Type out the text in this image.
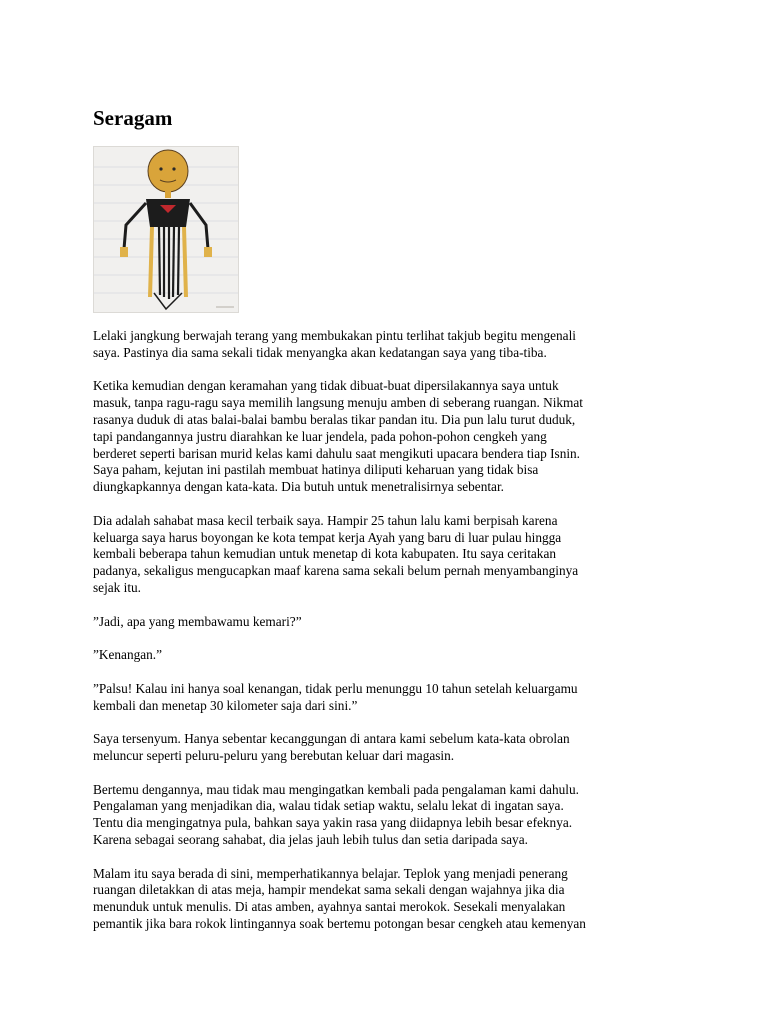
Seragam

Lelaki jangkung berwajah terang yang membukakan pintu terlihat takjub begitu mengenali
saya. Pastinya dia sama sekali tidak menyangka akan kedatangan saya yang tiba-tiba.

Ketika kemudian dengan keramahan yang tidak dibuat-buat dipersilakannya saya untuk
masuk, tanpa ragu-ragu saya memilih langsung menuju amben di seberang ruangan. Nikmat
rasanya duduk di atas balai-balai bambu beralas tikar pandan itu. Dia pun lalu turut duduk,
tapi pandangannya justru diarahkan ke luar jendela, pada pohon-pohon cengkeh yang
berderet seperti barisan murid kelas kami dahulu saat mengikuti upacara bendera tiap Isnin.
Saya paham, kejutan ini pastilah membuat hatinya diliputi keharuan yang tidak bisa
diungkapkannya dengan kata-kata. Dia butuh untuk menetralisirnya sebentar.

Dia adalah sahabat masa kecil terbaik saya. Hampir 25 tahun lalu kami berpisah karena
keluarga saya harus boyongan ke kota tempat kerja Ayah yang baru di luar pulau hingga
kembali beberapa tahun kemudian untuk menetap di kota kabupaten. Itu saya ceritakan
padanya, sekaligus mengucapkan maaf karena sama sekali belum pernah menyambanginya
sejak itu.

”Jadi, apa yang membawamu kemari?”

”Kenangan.”

”Palsu! Kalau ini hanya soal kenangan, tidak perlu menunggu 10 tahun setelah keluargamu
kembali dan menetap 30 kilometer saja dari sini.”

Saya tersenyum. Hanya sebentar kecanggungan di antara kami sebelum kata-kata obrolan
meluncur seperti peluru-peluru yang berebutan keluar dari magasin.

Bertemu dengannya, mau tidak mau mengingatkan kembali pada pengalaman kami dahulu.
Pengalaman yang menjadikan dia, walau tidak setiap waktu, selalu lekat di ingatan saya.
Tentu dia mengingatnya pula, bahkan saya yakin rasa yang diidapnya lebih besar efeknya.
Karena sebagai seorang sahabat, dia jelas jauh lebih tulus dan setia daripada saya.

Malam itu saya berada di sini, memperhatikannya belajar. Teplok yang menjadi penerang
ruangan diletakkan di atas meja, hampir mendekat sama sekali dengan wajahnya jika dia
menunduk untuk menulis. Di atas amben, ayahnya santai merokok. Sesekali menyalakan
pemantik jika bara rokok lintingannya soak bertemu potongan besar cengkeh atau kemenyan
